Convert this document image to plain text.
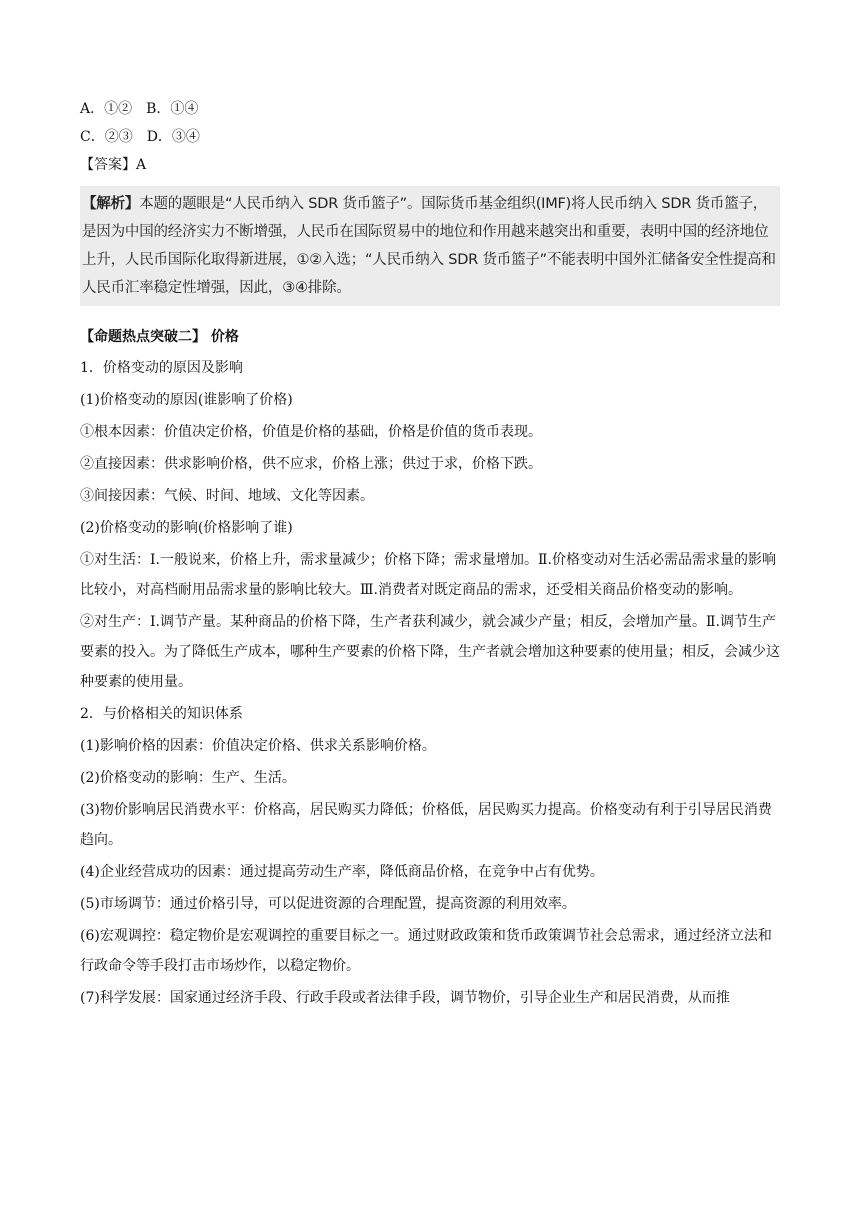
A．①②　B．①④
C．②③　D．③④
【答案】A
【解析】本题的题眼是“人民币纳入 SDR 货币篮子”。国际货币基金组织(IMF)将人民币纳入 SDR 货币篮子，是因为中国的经济实力不断增强，人民币在国际贸易中的地位和作用越来越突出和重要，表明中国的经济地位上升，人民币国际化取得新进展，①②入选；“人民币纳入 SDR 货币篮子”不能表明中国外汇储备安全性提高和人民币汇率稳定性增强，因此，③④排除。
【命题热点突破二】 价格
1．价格变动的原因及影响
(1)价格变动的原因(谁影响了价格)
①根本因素：价值决定价格，价值是价格的基础，价格是价值的货币表现。
②直接因素：供求影响价格，供不应求，价格上涨；供过于求，价格下跌。
③间接因素：气候、时间、地域、文化等因素。
(2)价格变动的影响(价格影响了谁)
①对生活：Ⅰ.一般说来，价格上升，需求量减少；价格下降；需求量增加。Ⅱ.价格变动对生活必需品需求量的影响比较小，对高档耐用品需求量的影响比较大。Ⅲ.消费者对既定商品的需求，还受相关商品价格变动的影响。
②对生产：Ⅰ.调节产量。某种商品的价格下降，生产者获利减少，就会减少产量；相反，会增加产量。Ⅱ.调节生产要素的投入。为了降低生产成本，哪种生产要素的价格下降，生产者就会增加这种要素的使用量；相反，会减少这种要素的使用量。
2．与价格相关的知识体系
(1)影响价格的因素：价值决定价格、供求关系影响价格。
(2)价格变动的影响：生产、生活。
(3)物价影响居民消费水平：价格高，居民购买力降低；价格低，居民购买力提高。价格变动有利于引导居民消费趋向。
(4)企业经营成功的因素：通过提高劳动生产率，降低商品价格，在竞争中占有优势。
(5)市场调节：通过价格引导，可以促进资源的合理配置，提高资源的利用效率。
(6)宏观调控：稳定物价是宏观调控的重要目标之一。通过财政政策和货币政策调节社会总需求，通过经济立法和行政命令等手段打击市场炒作，以稳定物价。
(7)科学发展：国家通过经济手段、行政手段或者法律手段，调节物价，引导企业生产和居民消费，从而推
